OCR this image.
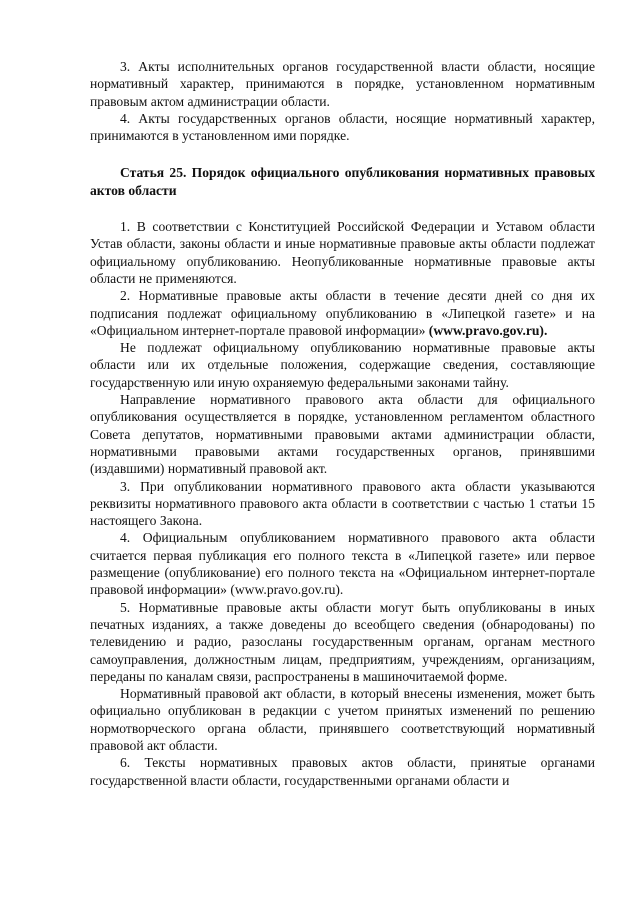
3. Акты исполнительных органов государственной власти области, носящие нормативный характер, принимаются в порядке, установленном нормативным правовым актом администрации области.

4. Акты государственных органов области, носящие нормативный характер, принимаются в установленном ими порядке.

Статья 25. Порядок официального опубликования нормативных правовых актов области

1. В соответствии с Конституцией Российской Федерации и Уставом области Устав области, законы области и иные нормативные правовые акты области подлежат официальному опубликованию. Неопубликованные нормативные правовые акты области не применяются.

2. Нормативные правовые акты области в течение десяти дней со дня их подписания подлежат официальному опубликованию в «Липецкой газете» и на «Официальном интернет-портале правовой информации» (www.pravo.gov.ru).

Не подлежат официальному опубликованию нормативные правовые акты области или их отдельные положения, содержащие сведения, составляющие государственную или иную охраняемую федеральными законами тайну.

Направление нормативного правового акта области для официального опубликования осуществляется в порядке, установленном регламентом областного Совета депутатов, нормативными правовыми актами администрации области, нормативными правовыми актами государственных органов, принявшими (издавшими) нормативный правовой акт.

3. При опубликовании нормативного правового акта области указываются реквизиты нормативного правового акта области в соответствии с частью 1 статьи 15 настоящего Закона.

4. Официальным опубликованием нормативного правового акта области считается первая публикация его полного текста в «Липецкой газете» или первое размещение (опубликование) его полного текста на «Официальном интернет-портале правовой информации» (www.pravo.gov.ru).

5. Нормативные правовые акты области могут быть опубликованы в иных печатных изданиях, а также доведены до всеобщего сведения (обнародованы) по телевидению и радио, разосланы государственным органам, органам местного самоуправления, должностным лицам, предприятиям, учреждениям, организациям, переданы по каналам связи, распространены в машиночитаемой форме.

Нормативный правовой акт области, в который внесены изменения, может быть официально опубликован в редакции с учетом принятых изменений по решению нормотворческого органа области, принявшего соответствующий нормативный правовой акт области.

6. Тексты нормативных правовых актов области, принятые органами государственной власти области, государственными органами области и
